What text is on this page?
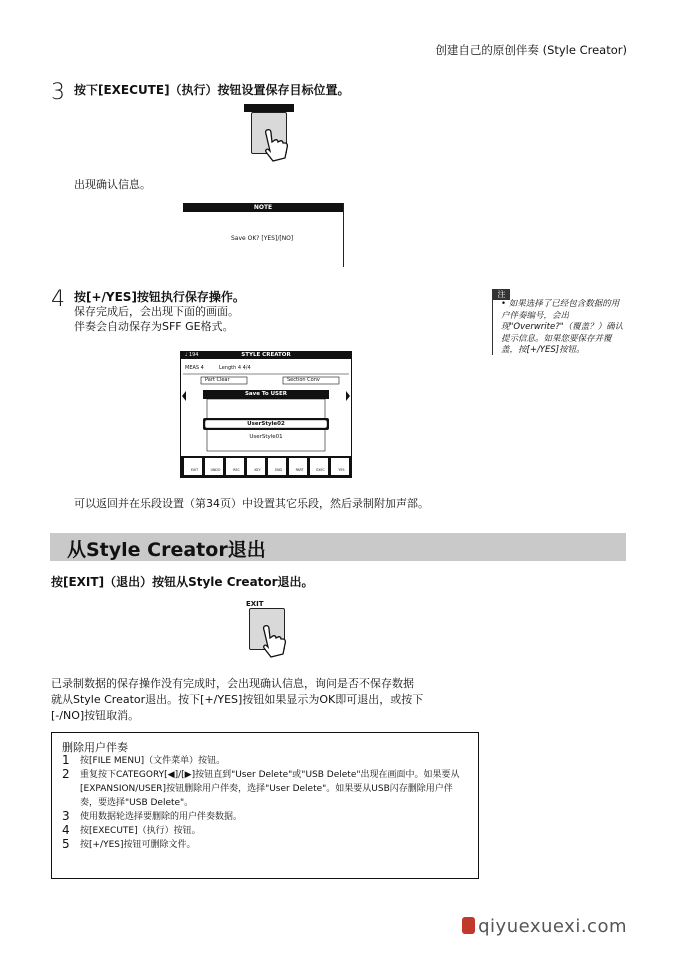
创建自己的原创伴奏 (Style Creator)
3 按下[EXECUTE]（执行）按钮设置保存目标位置。
出现确认信息。
NOTE
Save OK? [YES]/[NO]
4 按[+/YES]按钮执行保存操作。
保存完成后，会出现下面的画面。
伴奏会自动保存为SFF GE格式。
♩ 194	STYLE CREATOR
MEAS 4	Length 4 4/4
Part Clear	Section Conv
Save To USER
UserStyle02
UserStyle01
EXIT	UNDO	REC	KEY	END	PART	EXEC	YES
注
• 如果选择了已经包含数据的用户伴奏编号，会出现"Overwrite?"（覆盖？）确认提示信息。如果您要保存并覆盖，按[+/YES]按钮。
可以返回并在乐段设置（第34页）中设置其它乐段，然后录制附加声部。
从Style Creator退出
按[EXIT]（退出）按钮从Style Creator退出。
EXIT
已录制数据的保存操作没有完成时，会出现确认信息，询问是否不保存数据
就从Style Creator退出。按下[+/YES]按钮如果显示为OK即可退出，或按下
[-/NO]按钮取消。
删除用户伴奏
1 按[FILE MENU]（文件菜单）按钮。
2 重复按下CATEGORY[◀]/[▶]按钮直到"User Delete"或"USB Delete"出现在画面中。如果要从[EXPANSION/USER]按钮删除用户伴奏，选择"User Delete"。如果要从USB闪存删除用户伴奏，要选择"USB Delete"。
3 使用数据轮选择要删除的用户伴奏数据。
4 按[EXECUTE]（执行）按钮。
5 按[+/YES]按钮可删除文件。
qiyuexuexi.com
